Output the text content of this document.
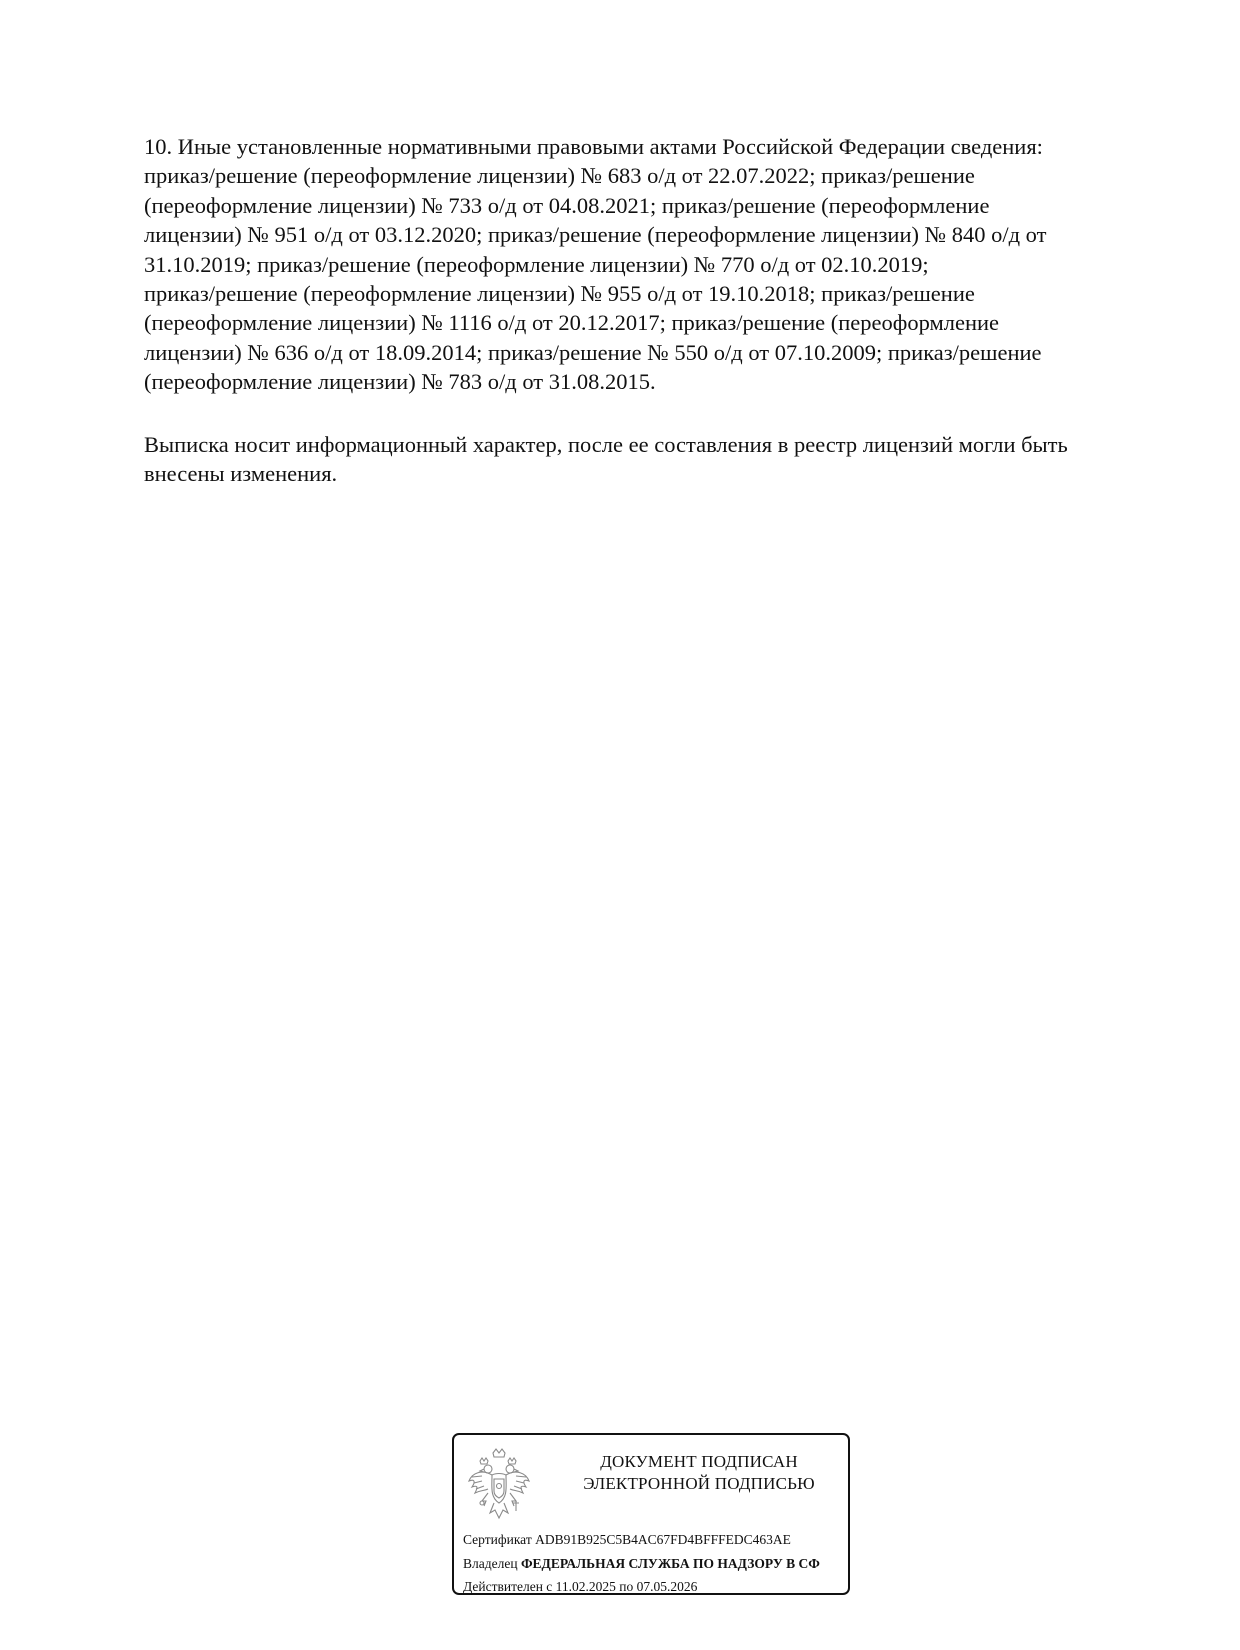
10. Иные установленные нормативными правовыми актами Российской Федерации сведения:
приказ/решение (переоформление лицензии) № 683 о/д от 22.07.2022; приказ/решение
(переоформление лицензии) № 733 о/д от 04.08.2021; приказ/решение (переоформление
лицензии) № 951 о/д от 03.12.2020; приказ/решение (переоформление лицензии) № 840 о/д от
31.10.2019; приказ/решение (переоформление лицензии) № 770 о/д от 02.10.2019;
приказ/решение (переоформление лицензии) № 955 о/д от 19.10.2018; приказ/решение
(переоформление лицензии) № 1116 о/д от 20.12.2017; приказ/решение (переоформление
лицензии) № 636 о/д от 18.09.2014; приказ/решение № 550 о/д от 07.10.2009; приказ/решение
(переоформление лицензии) № 783 о/д от 31.08.2015.

Выписка носит информационный характер, после ее составления в реестр лицензий могли быть
внесены изменения.

ДОКУМЕНТ ПОДПИСАН
ЭЛЕКТРОННОЙ ПОДПИСЬЮ
Сертификат ADB91B925C5B4AC67FD4BFFFEDC463AE
Владелец ФЕДЕРАЛЬНАЯ СЛУЖБА ПО НАДЗОРУ В СФ
Действителен с 11.02.2025 по 07.05.2026
